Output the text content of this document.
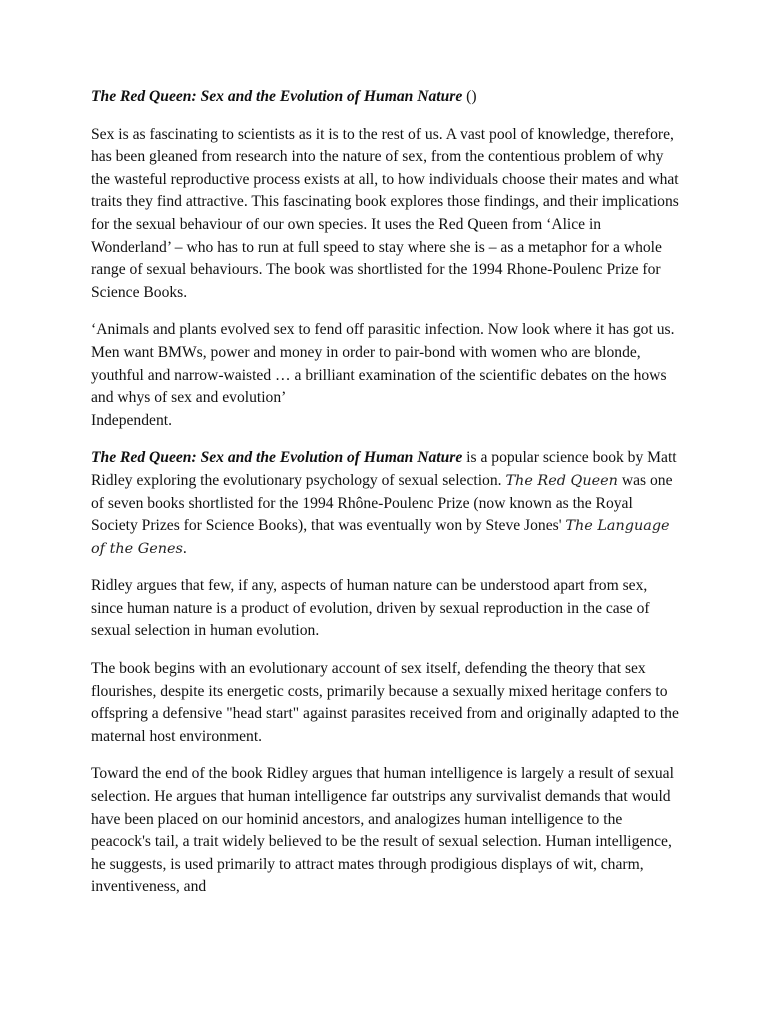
The Red Queen: Sex and the Evolution of Human Nature ()

Sex is as fascinating to scientists as it is to the rest of us. A vast pool of knowledge, therefore, has been gleaned from research into the nature of sex, from the contentious problem of why the wasteful reproductive process exists at all, to how individuals choose their mates and what traits they find attractive. This fascinating book explores those findings, and their implications for the sexual behaviour of our own species. It uses the Red Queen from ‘Alice in Wonderland’ – who has to run at full speed to stay where she is – as a metaphor for a whole range of sexual behaviours. The book was shortlisted for the 1994 Rhone-Poulenc Prize for Science Books.

‘Animals and plants evolved sex to fend off parasitic infection. Now look where it has got us. Men want BMWs, power and money in order to pair-bond with women who are blonde, youthful and narrow-waisted … a brilliant examination of the scientific debates on the hows and whys of sex and evolution’
Independent.

The Red Queen: Sex and the Evolution of Human Nature is a popular science book by Matt Ridley exploring the evolutionary psychology of sexual selection. The Red Queen was one of seven books shortlisted for the 1994 Rhône-Poulenc Prize (now known as the Royal Society Prizes for Science Books), that was eventually won by Steve Jones' The Language of the Genes.

Ridley argues that few, if any, aspects of human nature can be understood apart from sex, since human nature is a product of evolution, driven by sexual reproduction in the case of sexual selection in human evolution.

The book begins with an evolutionary account of sex itself, defending the theory that sex flourishes, despite its energetic costs, primarily because a sexually mixed heritage confers to offspring a defensive "head start" against parasites received from and originally adapted to the maternal host environment.

Toward the end of the book Ridley argues that human intelligence is largely a result of sexual selection. He argues that human intelligence far outstrips any survivalist demands that would have been placed on our hominid ancestors, and analogizes human intelligence to the peacock's tail, a trait widely believed to be the result of sexual selection. Human intelligence, he suggests, is used primarily to attract mates through prodigious displays of wit, charm, inventiveness, and
